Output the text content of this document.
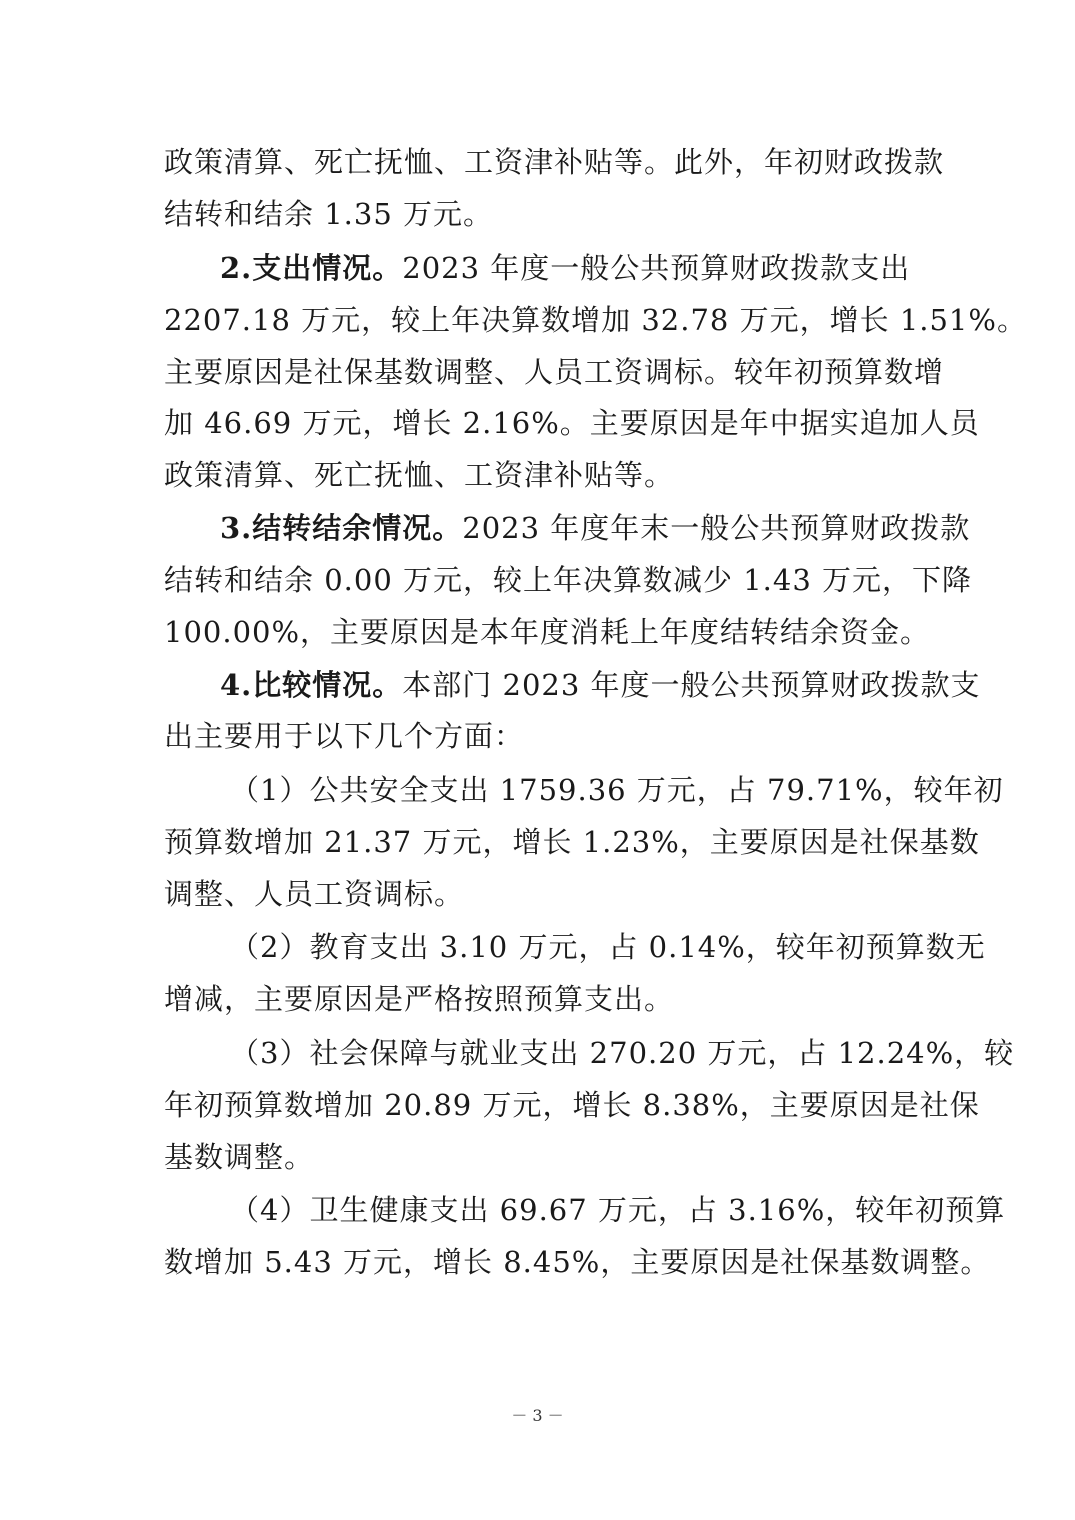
政策清算、死亡抚恤、工资津补贴等。此外，年初财政拨款
结转和结余 1.35 万元。
2.支出情况。2023 年度一般公共预算财政拨款支出
2207.18 万元，较上年决算数增加 32.78 万元，增长 1.51%。
主要原因是社保基数调整、人员工资调标。较年初预算数增
加 46.69 万元，增长 2.16%。主要原因是年中据实追加人员
政策清算、死亡抚恤、工资津补贴等。
3.结转结余情况。2023 年度年末一般公共预算财政拨款
结转和结余 0.00 万元，较上年决算数减少 1.43 万元，下降
100.00%，主要原因是本年度消耗上年度结转结余资金。
4.比较情况。本部门 2023 年度一般公共预算财政拨款支
出主要用于以下几个方面：
（1）公共安全支出 1759.36 万元，占 79.71%，较年初
预算数增加 21.37 万元，增长 1.23%，主要原因是社保基数
调整、人员工资调标。
（2）教育支出 3.10 万元，占 0.14%，较年初预算数无
增减，主要原因是严格按照预算支出。
（3）社会保障与就业支出 270.20 万元，占 12.24%，较
年初预算数增加 20.89 万元，增长 8.38%，主要原因是社保
基数调整。
（4）卫生健康支出 69.67 万元，占 3.16%，较年初预算
数增加 5.43 万元，增长 8.45%，主要原因是社保基数调整。
－ 3 －
